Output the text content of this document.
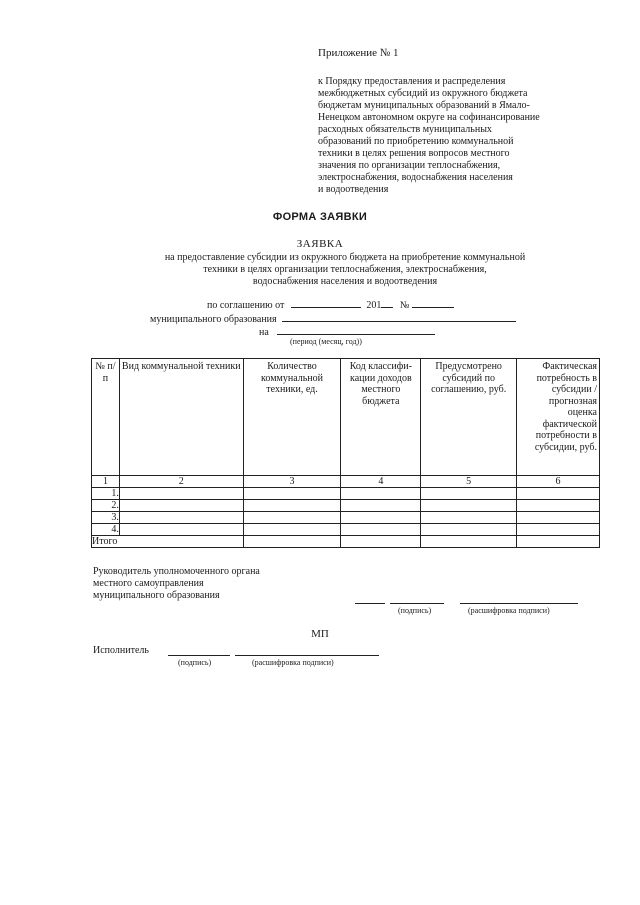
Приложение № 1
к Порядку предоставления и распределения
межбюджетных субсидий из окружного бюджета
бюджетам муниципальных образований в Ямало-
Ненецком автономном округе на софинансирование
расходных обязательств муниципальных
образований по приобретению коммунальной
техники в целях решения вопросов местного
значения по организации теплоснабжения,
электроснабжения, водоснабжения населения
и водоотведения
ФОРМА ЗАЯВКИ
ЗАЯВКА
на предоставление субсидии из окружного бюджета на приобретение коммунальной
техники в целях организации теплоснабжения, электроснабжения,
водоснабжения населения и водоотведения
по соглашению от	201 №
муниципального образования
на
(период (месяц, год))
№ п/п	Вид коммунальной техники	Количество коммунальной техники, ед.	Код классифи-кации доходов местного бюджета	Предусмотрено субсидий по соглашению, руб.	Фактическая потребность в субсидии /прогнозная оценка фактической потребности в субсидии, руб.
1	2	3	4	5	6
1.					
2.					
3.					
4.					
Итого					
Руководитель уполномоченного органа
местного самоуправления
муниципального образования
(подпись)	(расшифровка подписи)
МП
Исполнитель
(подпись)	(расшифровка подписи)
